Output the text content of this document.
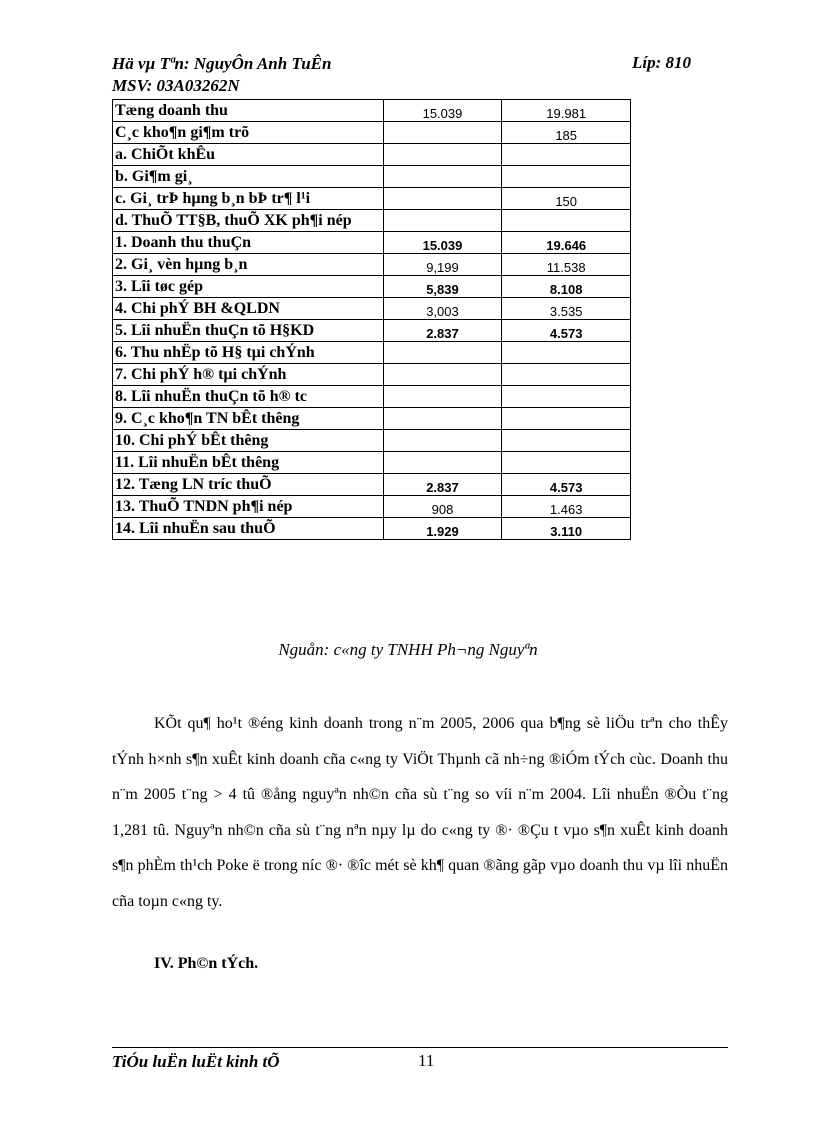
Hä vµ Tªn: NguyÔn Anh TuÊn
MSV: 03A03262N
Líp: 810
Tæng doanh thu	15.039	19.981
C¸c kho¶n gi¶m trõ		185
a. ChiÕt khÊu		
b. Gi¶m gi¸		
c. Gi¸ trÞ hµng b¸n bÞ tr¶ l¹i		150
d. ThuÕ TT§B, thuÕ XK ph¶i nép		
1. Doanh thu thuÇn	15.039	19.646
2. Gi¸ vèn hµng b¸n	9,199	11.538
3. Lîi tøc gép	5,839	8.108
4. Chi phÝ BH &QLDN	3,003	3.535
5. Lîi nhuËn thuÇn tõ H§KD	2.837	4.573
6. Thu nhËp tõ H§ tµi chÝnh		
7. Chi phÝ h® tµi chÝnh		
8. Lîi nhuËn thuÇn tõ h® tc		
9. C¸c kho¶n TN bÊt thêng		
10. Chi phÝ bÊt thêng		
11. Lîi nhuËn bÊt thêng		
12. Tæng LN tríc thuÕ	2.837	4.573
13. ThuÕ TNDN ph¶i nép	908	1.463
14. Lîi nhuËn sau thuÕ	1.929	3.110
Nguån: c«ng ty TNHH Ph¬ng Nguyªn
KÕt qu¶ ho¹t ®éng kinh doanh trong n¨m 2005, 2006 qua b¶ng sè liÖu trªn cho thÊy tÝnh h×nh s¶n xuÊt kinh doanh cña c«ng ty ViÖt Thµnh cã nh÷ng ®iÓm tÝch cùc. Doanh thu n¨m 2005 t¨ng > 4 tû ®ång nguyªn nh©n cña sù t¨ng so víi n¨m 2004. Lîi nhuËn ®Òu t¨ng 1,281 tû. Nguyªn nh©n cña sù t¨ng nªn nµy lµ do c«ng ty ®· ®Çu t vµo s¶n xuÊt kinh doanh s¶n phÈm th¹ch Poke ë trong níc ®· ®îc mét sè kh¶ quan ®ãng gãp vµo doanh thu vµ lîi nhuËn cña toµn c«ng ty.
IV. Ph©n tÝch.
TiÓu luËn luËt kinh tÕ	11
